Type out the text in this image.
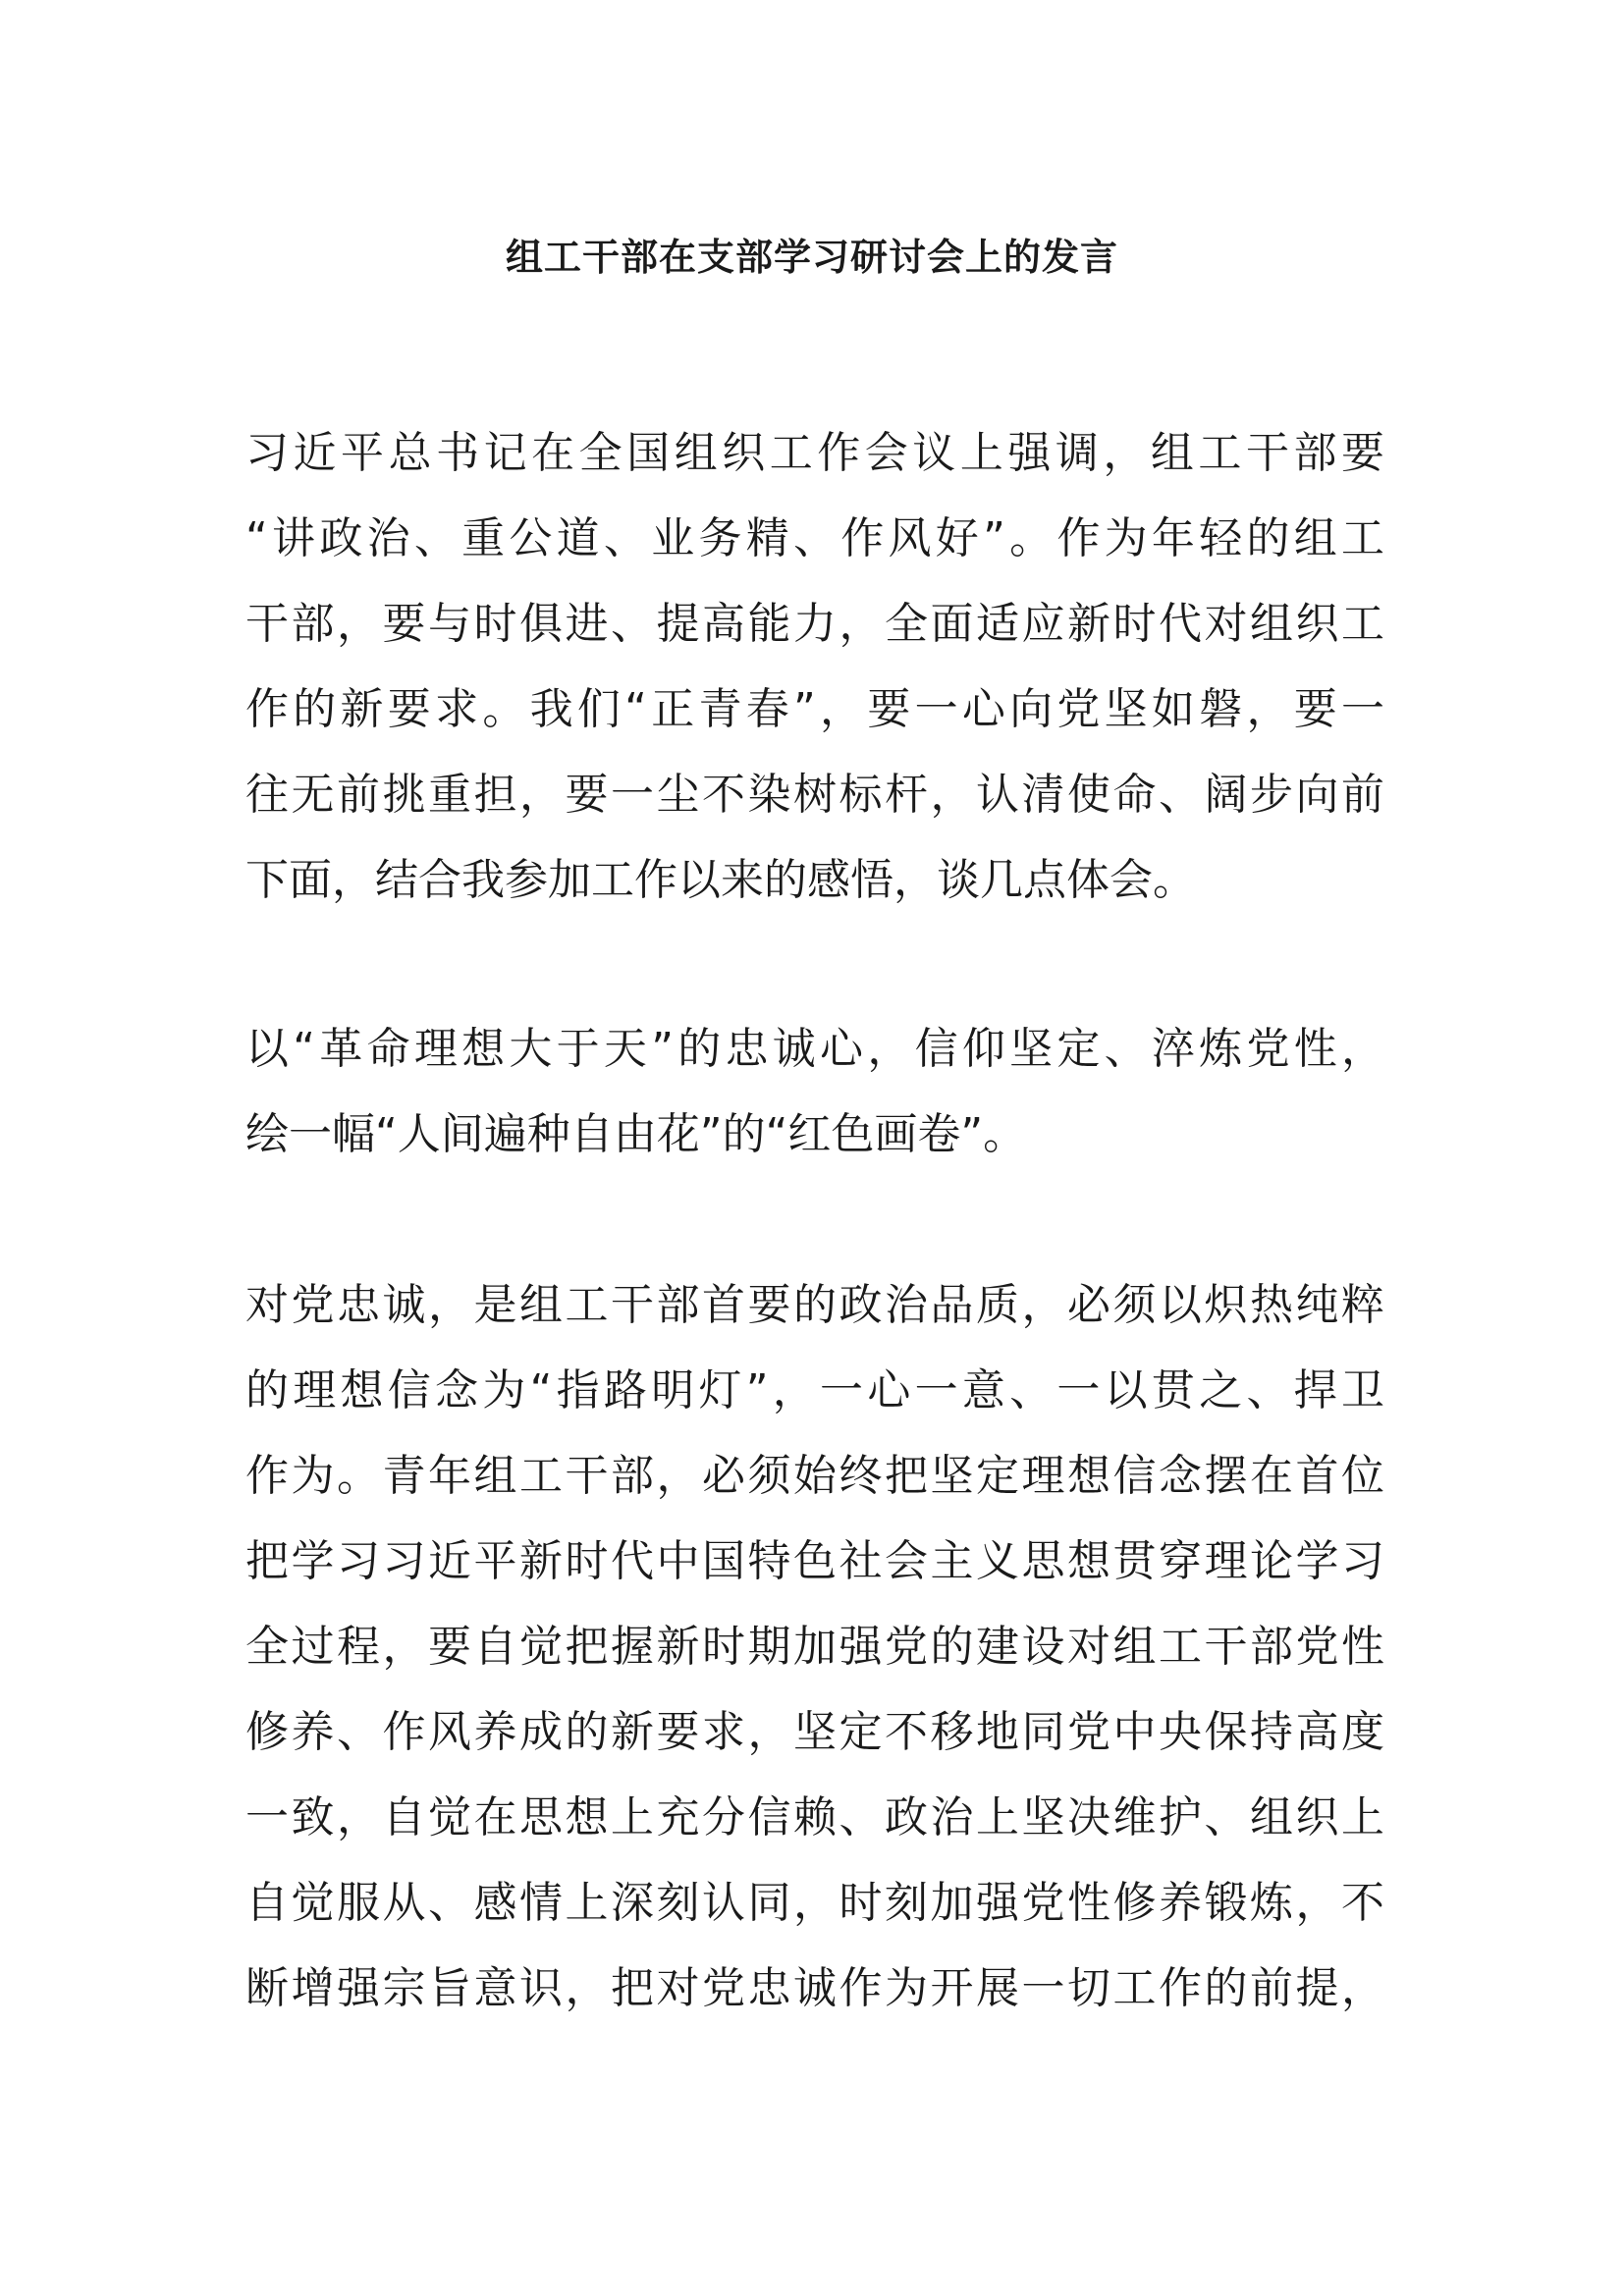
组工干部在支部学习研讨会上的发言
习近平总书记在全国组织工作会议上强调，组工干部要
“讲政治、重公道、业务精、作风好”。作为年轻的组工
干部，要与时俱进、提高能力，全面适应新时代对组织工
作的新要求。我们“正青春”，要一心向党坚如磐，要一
往无前挑重担，要一尘不染树标杆，认清使命、阔步向前
下面，结合我参加工作以来的感悟，谈几点体会。
以“革命理想大于天”的忠诚心，信仰坚定、淬炼党性，
绘一幅“人间遍种自由花”的“红色画卷”。
对党忠诚，是组工干部首要的政治品质，必须以炽热纯粹
的理想信念为“指路明灯”，一心一意、一以贯之、捍卫
作为。青年组工干部，必须始终把坚定理想信念摆在首位
把学习习近平新时代中国特色社会主义思想贯穿理论学习
全过程，要自觉把握新时期加强党的建设对组工干部党性
修养、作风养成的新要求，坚定不移地同党中央保持高度
一致，自觉在思想上充分信赖、政治上坚决维护、组织上
自觉服从、感情上深刻认同，时刻加强党性修养锻炼，不
断增强宗旨意识，把对党忠诚作为开展一切工作的前提，
